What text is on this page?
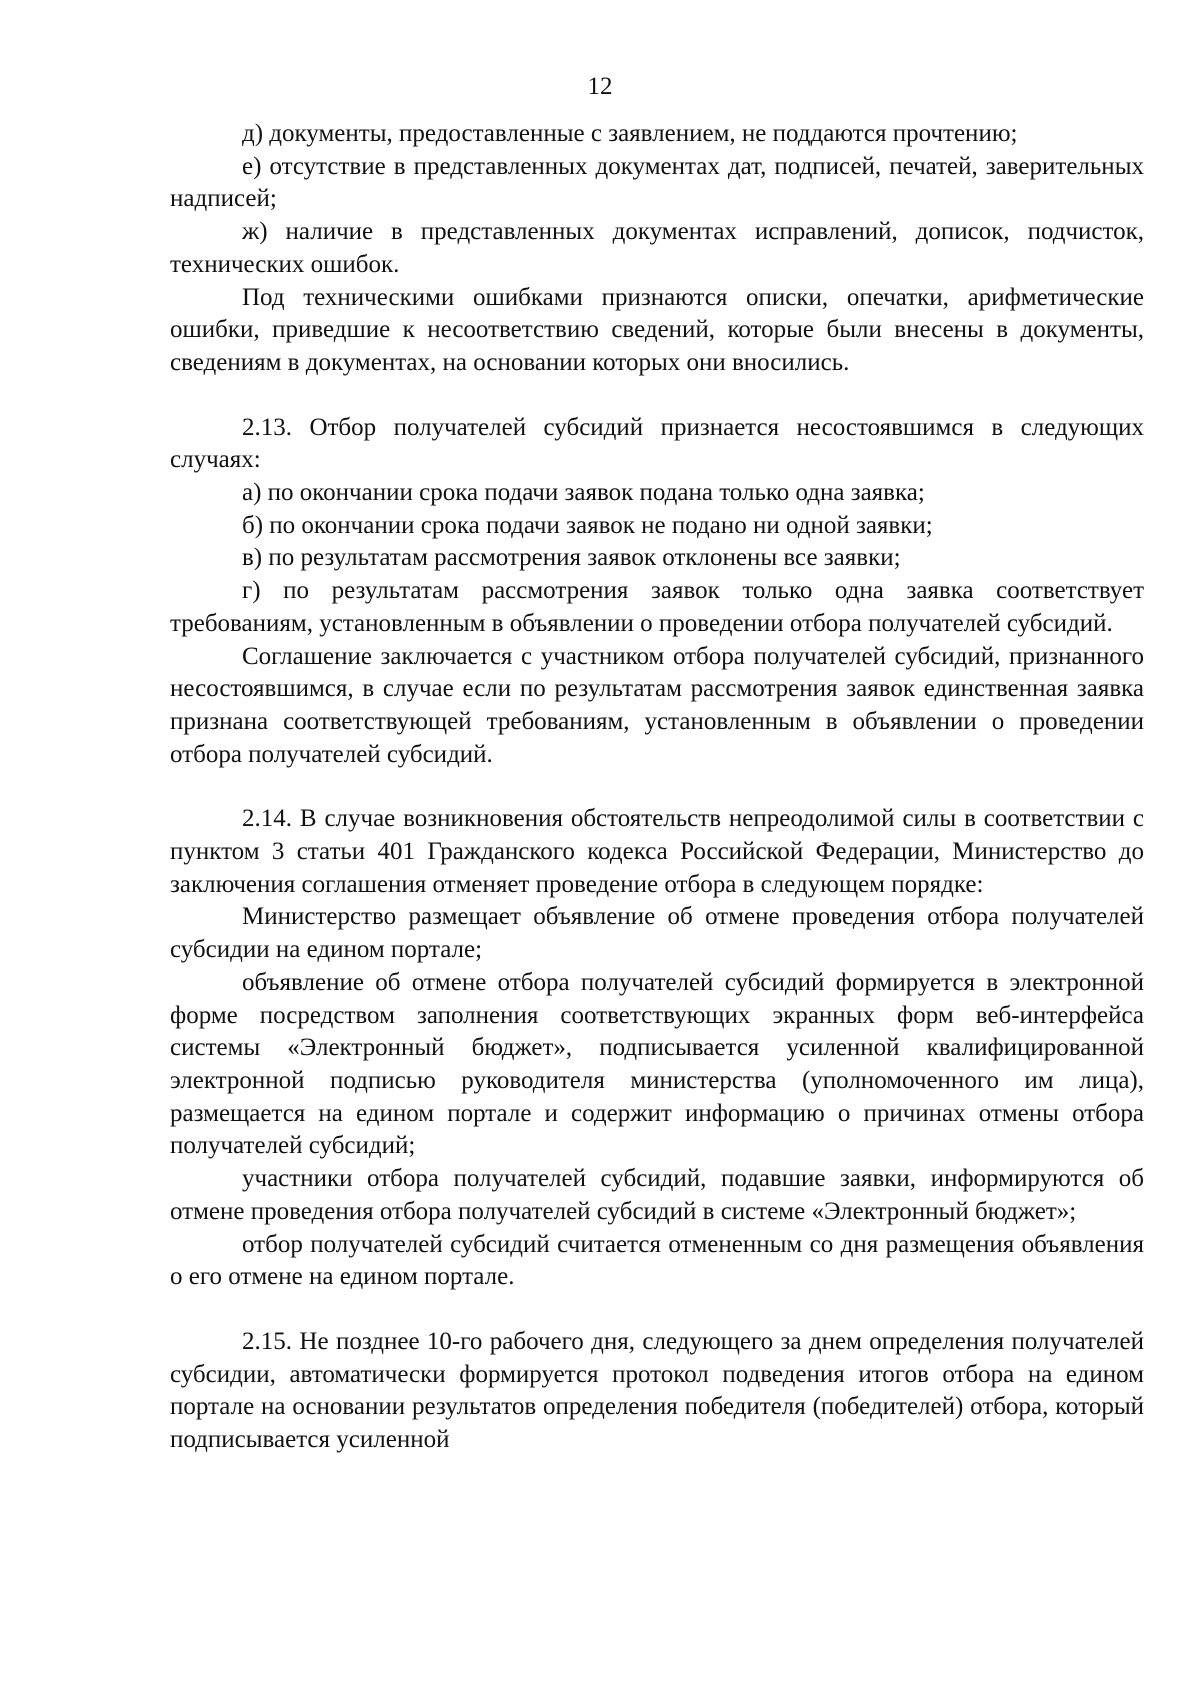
12

д) документы, предоставленные с заявлением, не поддаются прочтению;

е) отсутствие в представленных документах дат, подписей, печатей, заверительных надписей;

ж) наличие в представленных документах исправлений, дописок, подчисток, технических ошибок.

Под техническими ошибками признаются описки, опечатки, арифметические ошибки, приведшие к несоответствию сведений, которые были внесены в документы, сведениям в документах, на основании которых они вносились.

2.13. Отбор получателей субсидий признается несостоявшимся в следующих случаях:

а) по окончании срока подачи заявок подана только одна заявка;

б) по окончании срока подачи заявок не подано ни одной заявки;

в) по результатам рассмотрения заявок отклонены все заявки;

г) по результатам рассмотрения заявок только одна заявка соответствует требованиям, установленным в объявлении о проведении отбора получателей субсидий.

Соглашение заключается с участником отбора получателей субсидий, признанного несостоявшимся, в случае если по результатам рассмотрения заявок единственная заявка признана соответствующей требованиям, установленным в объявлении о проведении отбора получателей субсидий.

2.14. В случае возникновения обстоятельств непреодолимой силы в соответствии с пунктом 3 статьи 401 Гражданского кодекса Российской Федерации, Министерство до заключения соглашения отменяет проведение отбора в следующем порядке:

Министерство размещает объявление об отмене проведения отбора получателей субсидии на едином портале;

объявление об отмене отбора получателей субсидий формируется в электронной форме посредством заполнения соответствующих экранных форм веб-интерфейса системы «Электронный бюджет», подписывается усиленной квалифицированной электронной подписью руководителя министерства (уполномоченного им лица), размещается на едином портале и содержит информацию о причинах отмены отбора получателей субсидий;

участники отбора получателей субсидий, подавшие заявки, информируются об отмене проведения отбора получателей субсидий в системе «Электронный бюджет»;

отбор получателей субсидий считается отмененным со дня размещения объявления о его отмене на едином портале.

2.15. Не позднее 10-го рабочего дня, следующего за днем определения получателей субсидии, автоматически формируется протокол подведения итогов отбора на едином портале на основании результатов определения победителя (победителей) отбора, который подписывается усиленной
